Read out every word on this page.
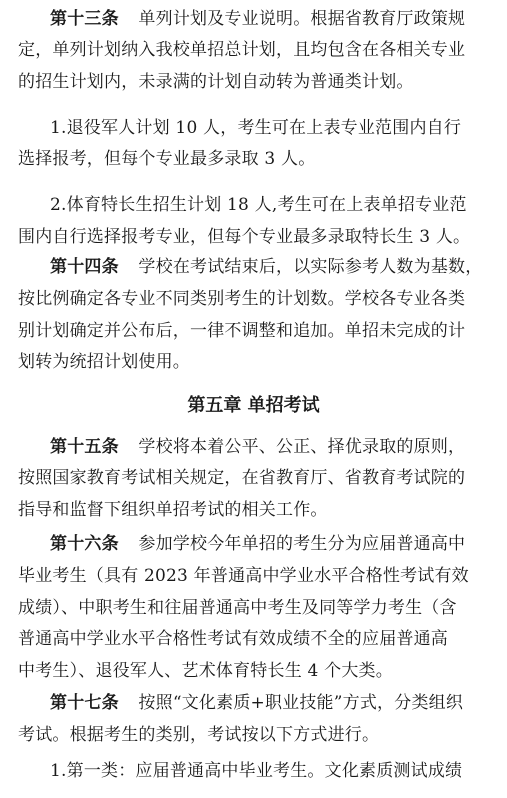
第十三条 单列计划及专业说明。根据省教育厅政策规
定，单列计划纳入我校单招总计划，且均包含在各相关专业
的招生计划内，未录满的计划自动转为普通类计划。
1.退役军人计划 10 人，考生可在上表专业范围内自行
选择报考，但每个专业最多录取 3 人。
2.体育特长生招生计划 18 人,考生可在上表单招专业范
围内自行选择报考专业，但每个专业最多录取特长生 3 人。
第十四条 学校在考试结束后，以实际参考人数为基数，
按比例确定各专业不同类别考生的计划数。学校各专业各类
别计划确定并公布后，一律不调整和追加。单招未完成的计
划转为统招计划使用。
第五章 单招考试
第十五条 学校将本着公平、公正、择优录取的原则，
按照国家教育考试相关规定，在省教育厅、省教育考试院的
指导和监督下组织单招考试的相关工作。
第十六条 参加学校今年单招的考生分为应届普通高中
毕业考生（具有 2023 年普通高中学业水平合格性考试有效
成绩）、中职考生和往届普通高中考生及同等学力考生（含
普通高中学业水平合格性考试有效成绩不全的应届普通高
中考生）、退役军人、艺术体育特长生 4 个大类。
第十七条 按照“文化素质+职业技能”方式，分类组织
考试。根据考生的类别，考试按以下方式进行。
1.第一类：应届普通高中毕业考生。文化素质测试成绩
